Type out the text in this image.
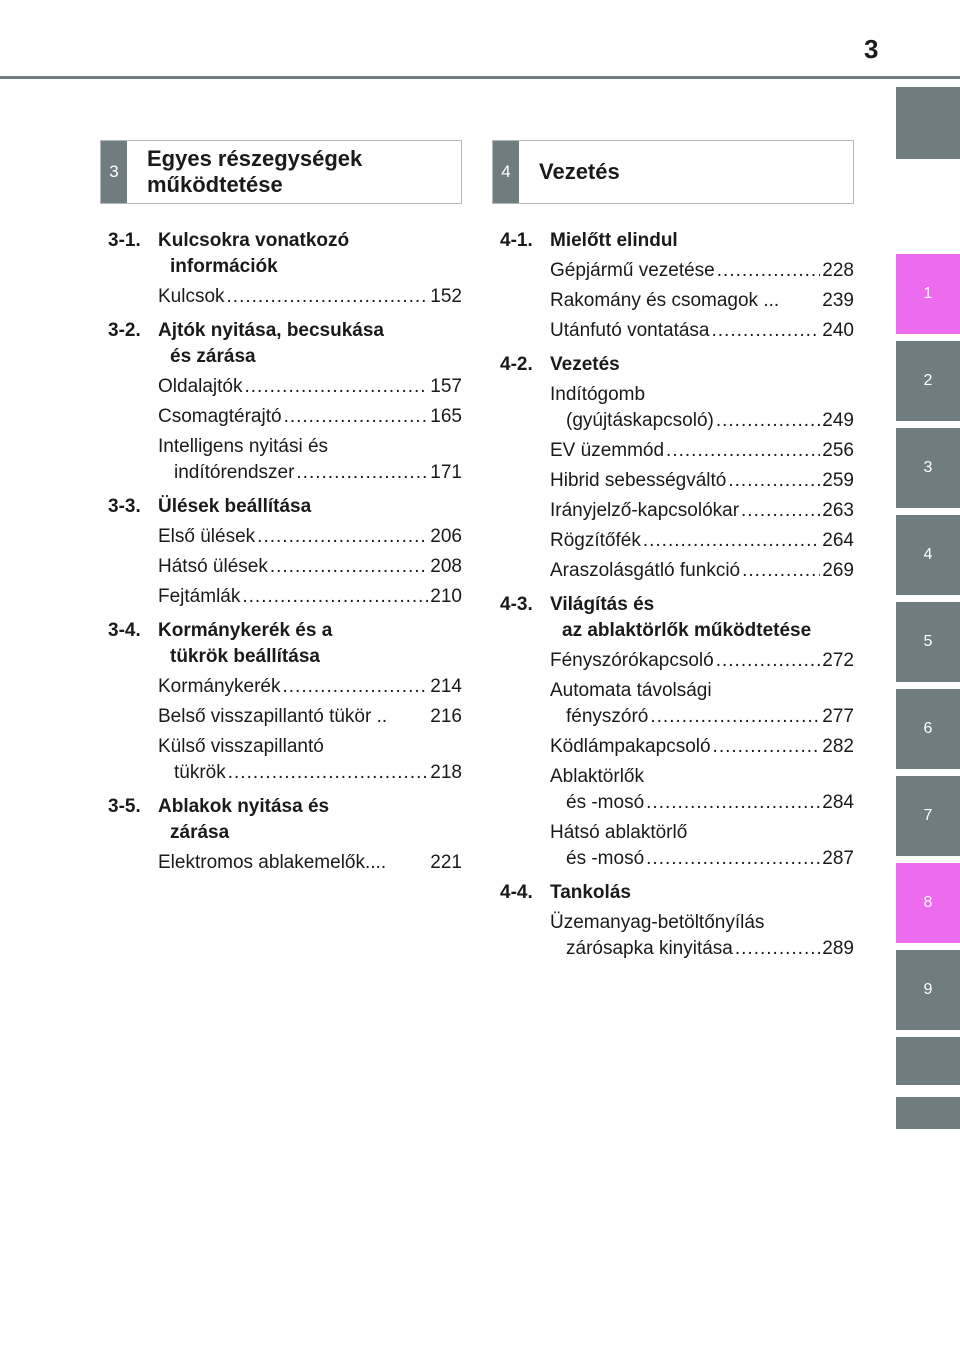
3
1
2
3
4
5
6
7
8
9
3
Egyes részegységek
működtetése
3-1. Kulcsokra vonatkozó
információk
Kulcsok .....	152
3-2. Ajtók nyitása, becsukása
és zárása
Oldalajtók .....	157
Csomagtérajtó .....	165
Intelligens nyitási és
indítórendszer .....	171
3-3. Ülések beállítása
Első ülések .....	206
Hátsó ülések .....	208
Fejtámlák .....	210
3-4. Kormánykerék és a
tükrök beállítása
Kormánykerék .....	214
Belső visszapillantó tükör .. 216
Külső visszapillantó
tükrök .....	218
3-5. Ablakok nyitása és
zárása
Elektromos ablakemelők.... 221
4	Vezetés
4-1. Mielőtt elindul
Gépjármű vezetése .....	228
Rakomány és csomagok ... 239
Utánfutó vontatása .....	240
4-2. Vezetés
Indítógomb
(gyújtáskapcsoló) .....	249
EV üzemmód .....	256
Hibrid sebességváltó .....	259
Irányjelző-kapcsolókar .....	263
Rögzítőfék .....	264
Araszolásgátló funkció .....	269
4-3. Világítás és
az ablaktörlők működtetése
Fényszórókapcsoló .....	272
Automata távolsági
fényszóró .....	277
Ködlámpakapcsoló .....	282
Ablaktörlők
és -mosó .....	284
Hátsó ablaktörlő
és -mosó .....	287
4-4. Tankolás
Üzemanyag-betöltőnyílás
zárósapka kinyitása .....	289
